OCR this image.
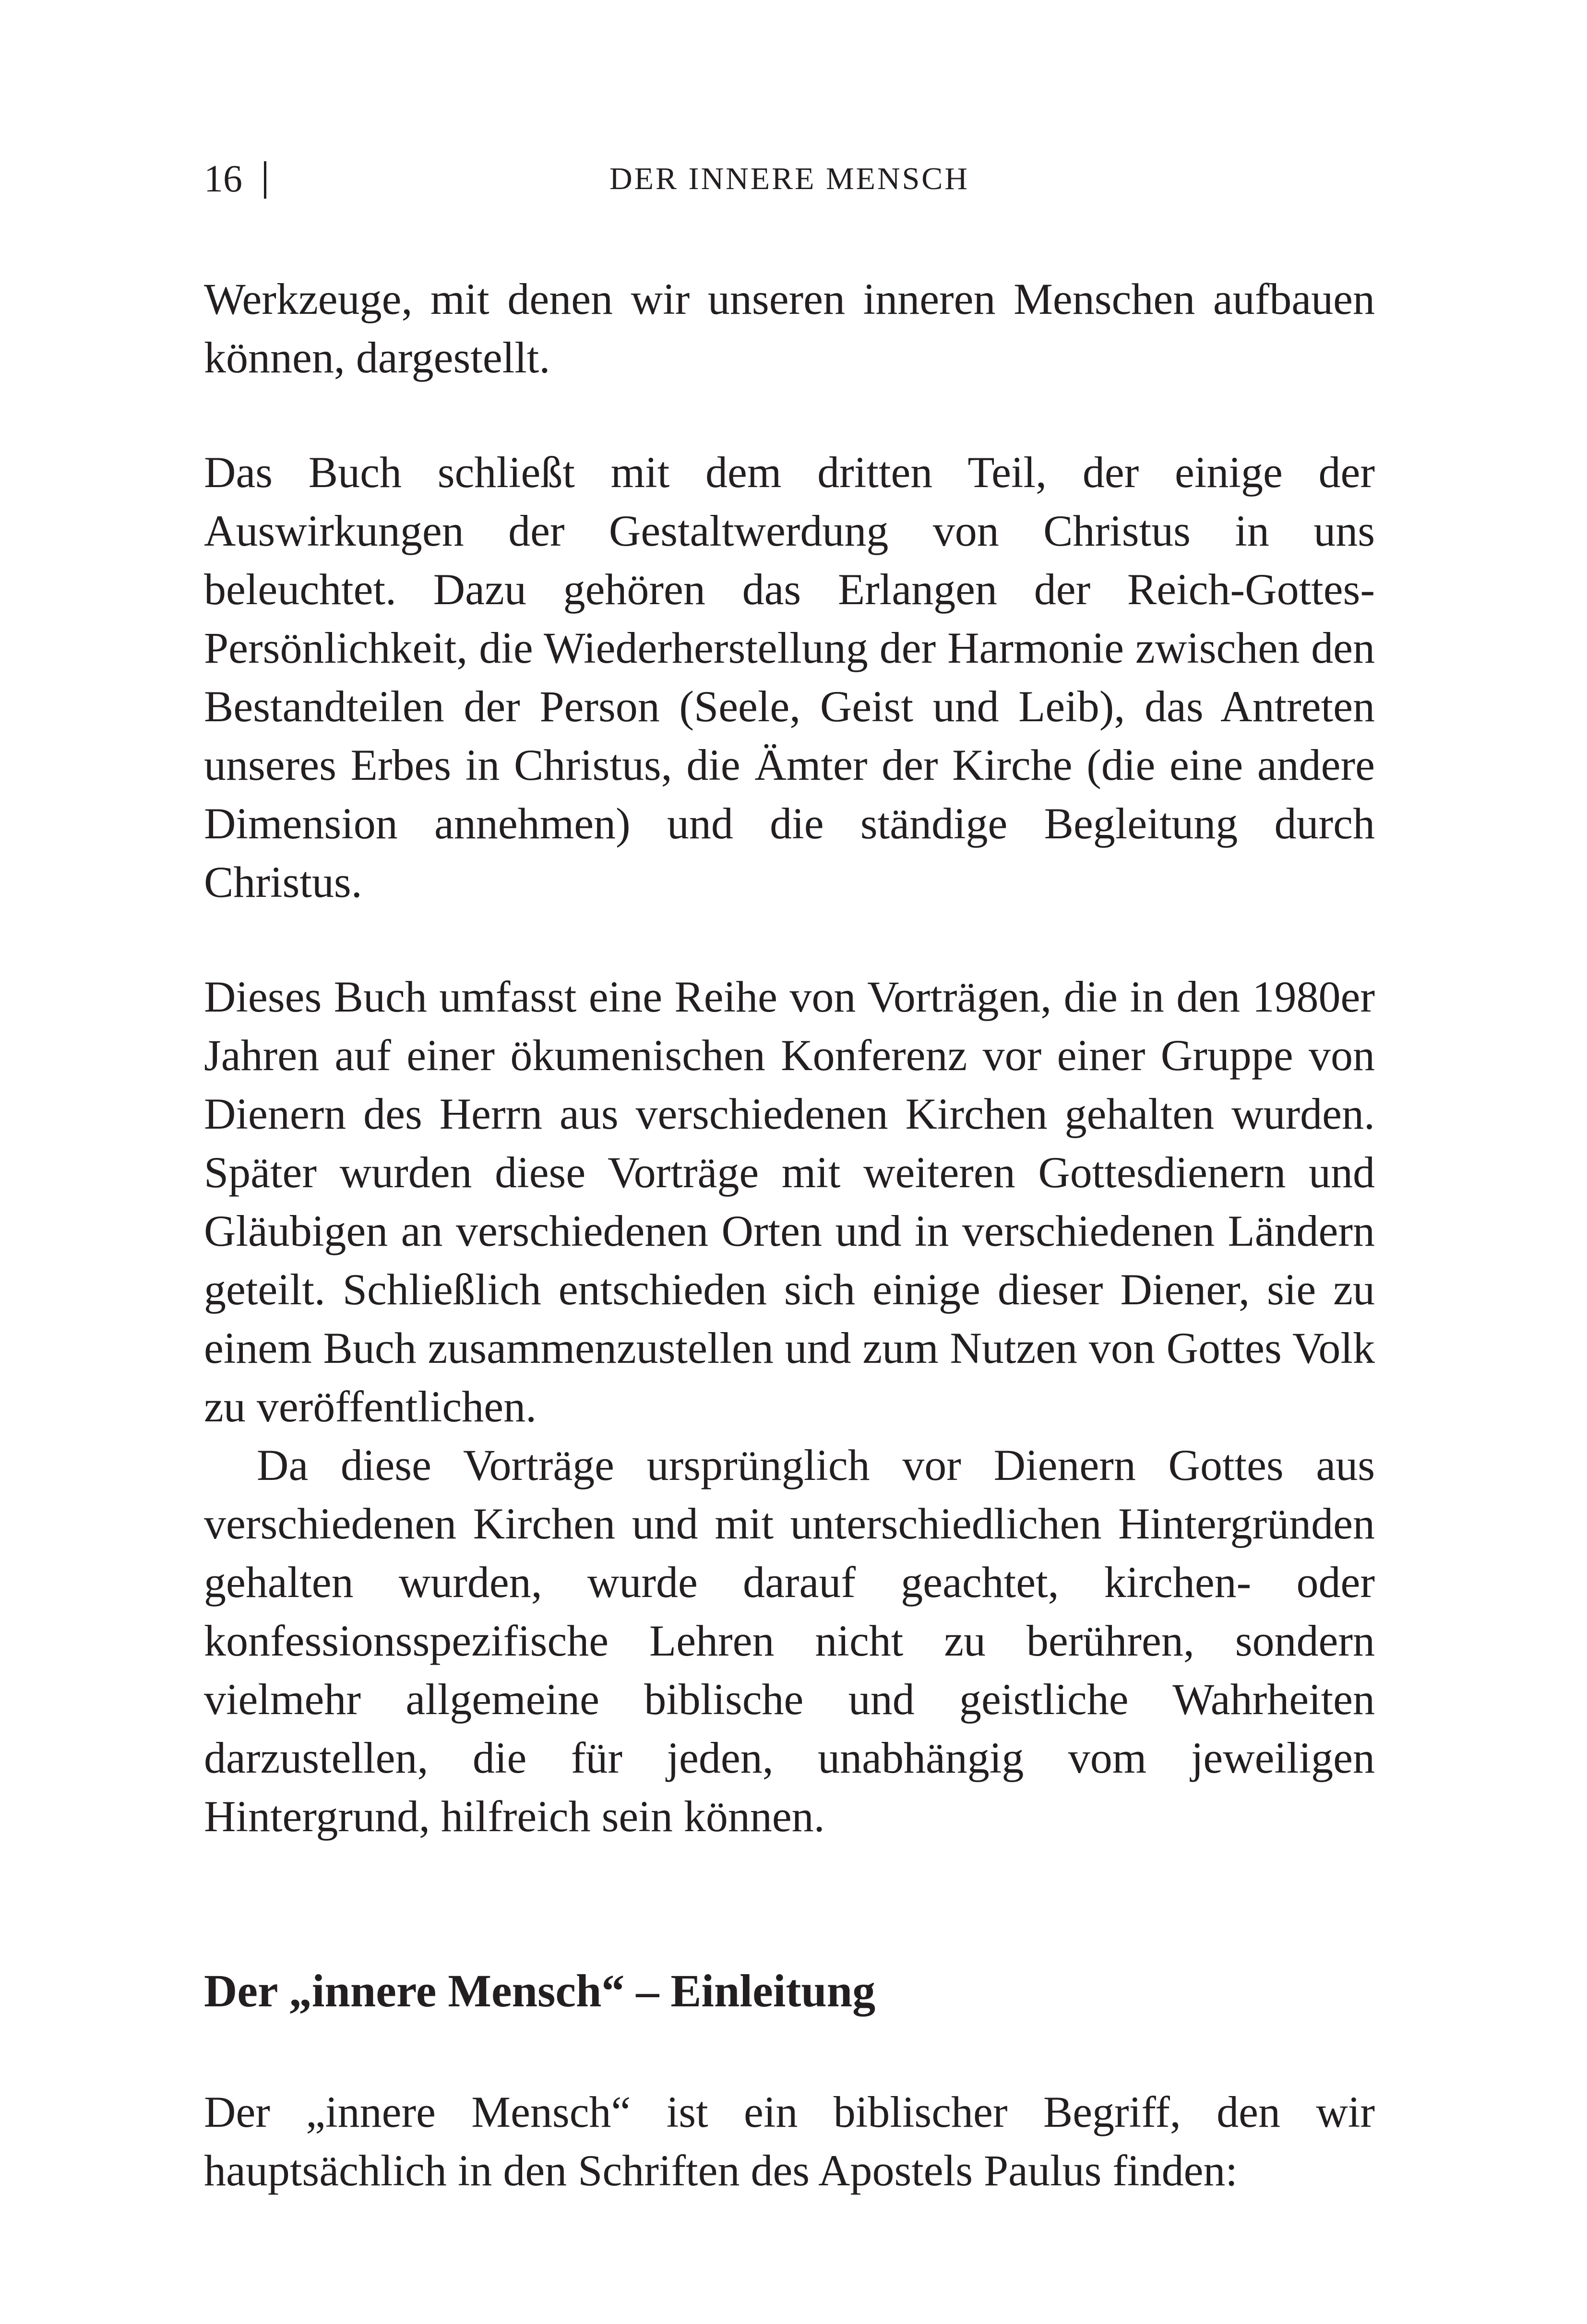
16	DER INNERE MENSCH

Werkzeuge, mit denen wir unseren inneren Menschen aufbauen können, dargestellt.

Das Buch schließt mit dem dritten Teil, der einige der Auswirkungen der Gestaltwerdung von Christus in uns beleuchtet. Dazu gehören das Erlangen der Reich-Gottes-Persönlichkeit, die Wiederherstellung der Harmonie zwischen den Bestandteilen der Person (Seele, Geist und Leib), das Antreten unseres Erbes in Christus, die Ämter der Kirche (die eine andere Dimension annehmen) und die ständige Begleitung durch Christus.

Dieses Buch umfasst eine Reihe von Vorträgen, die in den 1980er Jahren auf einer ökumenischen Konferenz vor einer Gruppe von Dienern des Herrn aus verschiedenen Kirchen gehalten wurden. Später wurden diese Vorträge mit weiteren Gottesdienern und Gläubigen an verschiedenen Orten und in verschiedenen Ländern geteilt. Schließlich entschieden sich einige dieser Diener, sie zu einem Buch zusammenzustellen und zum Nutzen von Gottes Volk zu veröffentlichen.

Da diese Vorträge ursprünglich vor Dienern Gottes aus verschiedenen Kirchen und mit unterschiedlichen Hintergründen gehalten wurden, wurde darauf geachtet, kirchen- oder konfessionsspezifische Lehren nicht zu berühren, sondern vielmehr allgemeine biblische und geistliche Wahrheiten darzustellen, die für jeden, unabhängig vom jeweiligen Hintergrund, hilfreich sein können.

Der „innere Mensch“ – Einleitung

Der „innere Mensch“ ist ein biblischer Begriff, den wir hauptsächlich in den Schriften des Apostels Paulus finden:
